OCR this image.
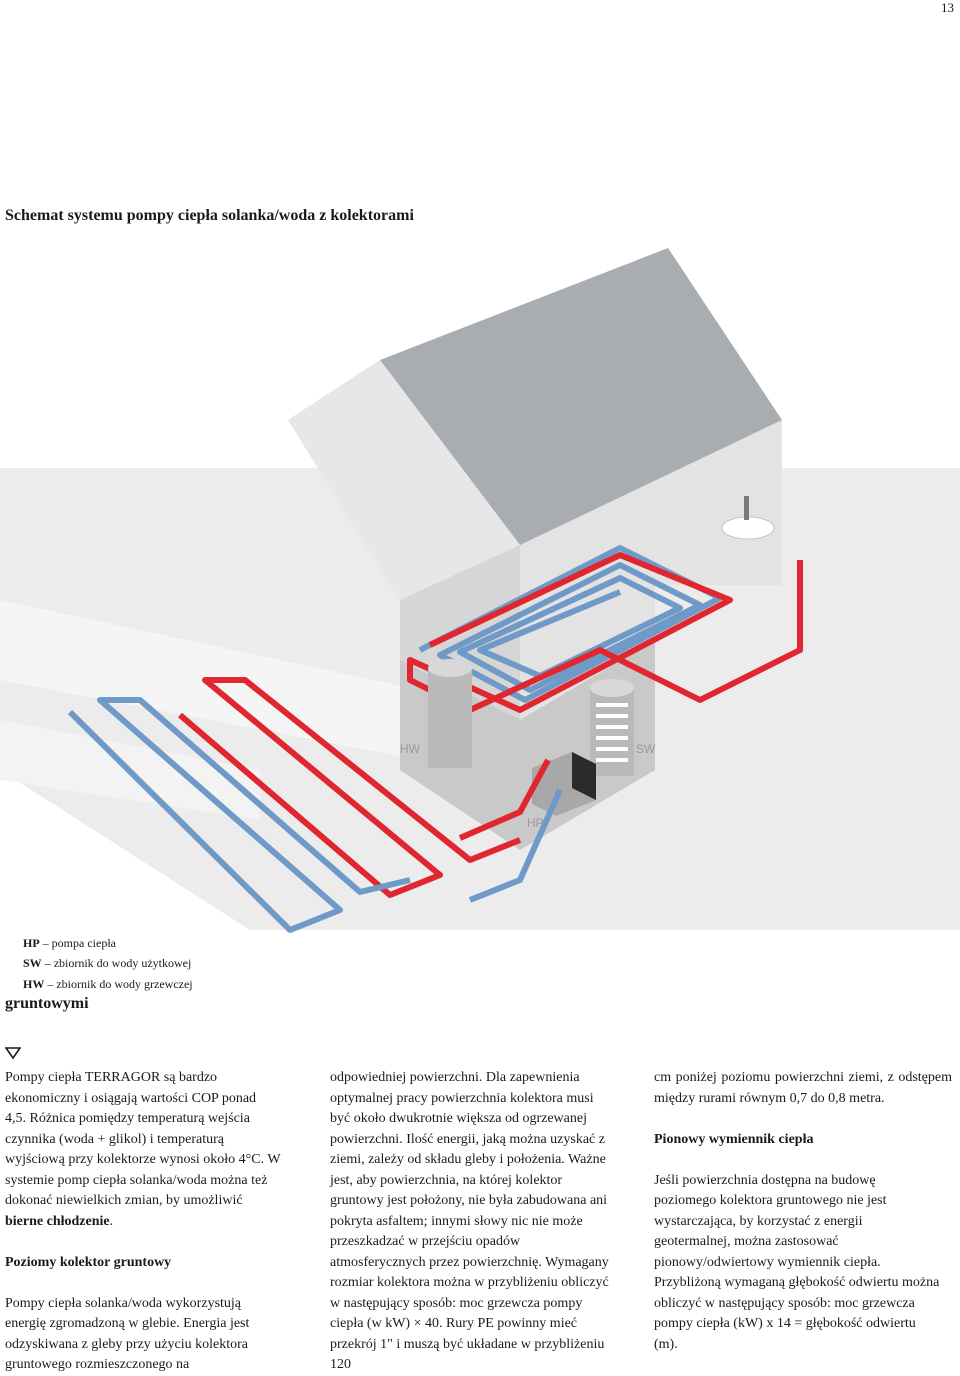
13
Schemat systemu pompy ciepła solanka/woda z kolektorami
HW	SW
HP
HP – pompa ciepła
SW – zbiornik do wody użytkowej
HW – zbiornik do wody grzewczej
gruntowymi

Pompy ciepła TERRAGOR są bardzo

ekonomiczny i osiągają wartości COP ponad

4,5. Różnica pomiędzy temperaturą wejścia

czynnika (woda + glikol) i temperaturą

wyjściową przy kolektorze wynosi około 4°C. W

systemie pomp ciepła solanka/woda można też

dokonać niewielkich zmian, by umożliwić

bierne chłodzenie.

Poziomy kolektor gruntowy

Pompy ciepła solanka/woda wykorzystują

energię zgromadzoną w glebie. Energia jest

odzyskiwana z gleby przy użyciu kolektora

gruntowego rozmieszczonego na

odpowiedniej powierzchni. Dla zapewnienia

optymalnej pracy powierzchnia kolektora musi

być około dwukrotnie większa od ogrzewanej

powierzchni. Ilość energii, jaką można uzyskać z

ziemi, zależy od składu gleby i położenia. Ważne

jest, aby powierzchnia, na której kolektor

gruntowy jest położony, nie była zabudowana ani

pokryta asfaltem; innymi słowy nic nie może

przeszkadzać w przejściu opadów

atmosferycznych przez powierzchnię. Wymagany

rozmiar kolektora można w przybliżeniu obliczyć

w następujący sposób: moc grzewcza pompy

ciepła (w kW) × 40. Rury PE powinny mieć

przekrój 1" i muszą być układane w przybliżeniu

120

cm poniżej poziomu powierzchni ziemi, z odstępem między rurami równym 0,7 do 0,8 metra.

Pionowy wymiennik ciepła

Jeśli powierzchnia dostępna na budowę

poziomego kolektora gruntowego nie jest

wystarczająca, by korzystać z energii

geotermalnej, można zastosować

pionowy/odwiertowy wymiennik ciepła.

Przybliżoną wymaganą głębokość odwiertu można

obliczyć w następujący sposób: moc grzewcza

pompy ciepła (kW) x 14 = głębokość odwiertu

(m).
